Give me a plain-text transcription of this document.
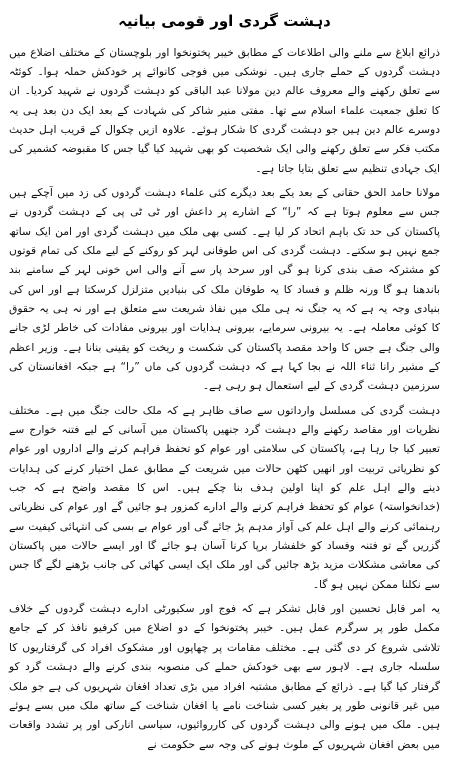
دہشت گردی اور قومی بیانیہ

ذرائع ابلاغ سے ملنے والی اطلاعات کے مطابق خیبر پختونخوا اور بلوچستان کے مختلف اضلاع میں دہشت گردوں کے حملے جاری ہیں۔ نوشکی میں فوجی کانوائے پر خودکش حملہ ہوا۔ کوئٹہ سے تعلق رکھنے والے معروف عالم دین مولانا عبد الباقی کو دہشت گردوں نے شہید کردیا۔ ان کا تعلق جمعیت علماء اسلام سے تھا۔ مفتی منیر شاکر کی شہادت کے بعد ایک دن بعد ہی یہ دوسرے عالم دین ہیں جو دہشت گردی کا شکار ہوئے۔ علاوہ ازیں چکوال کے قریب اہل حدیث مکتب فکر سے تعلق رکھنے والی ایک شخصیت کو بھی شہید کیا گیا جس کا مقبوضہ کشمیر کی ایک جہادی تنظیم سے تعلق بتایا جاتا ہے۔

مولانا حامد الحق حقانی کے بعد یکے بعد دیگرے کئی علماء دہشت گردوں کی زد میں آچکے ہیں جس سے معلوم ہوتا ہے کہ ”را“ کے اشارے پر داعش اور ٹی ٹی پی کے دہشت گردوں نے پاکستان کی حد تک باہم اتحاد کر لیا ہے۔ کسی بھی ملک میں دہشت گردی اور امن ایک ساتھ جمع نہیں ہو سکتے۔ دہشت گردی کی اس طوفانی لہر کو روکنے کے لیے ملک کی تمام قوتوں کو مشترکہ صف بندی کرنا ہو گی اور سرحد پار سے آنے والی اس خونی لہر کے سامنے بند باندھنا ہو گا ورنہ ظلم و فساد کا یہ طوفان ملک کی بنیادیں متزلزل کرسکتا ہے اور اس کی بنیادی وجہ یہ ہے کہ یہ جنگ نہ ہی ملک میں نفاذ شریعت سے متعلق ہے اور نہ ہی یہ حقوق کا کوئی معاملہ ہے۔ یہ بیرونی سرمایے، بیرونی ہدایات اور بیرونی مفادات کی خاطر لڑی جانے والی جنگ ہے جس کا واحد مقصد پاکستان کی شکست و ریخت کو یقینی بنانا ہے۔ وزیر اعظم کے مشیر رانا ثناء اللہ نے بجا کہا ہے کہ دہشت گردوں کی ماں ”را“ ہے جبکہ افغانستان کی سرزمین دہشت گردی کے لیے استعمال ہو رہی ہے۔

دہشت گردی کی مسلسل وارداتوں سے صاف ظاہر ہے کہ ملک حالت جنگ میں ہے۔ مختلف نظریات اور مقاصد رکھنے والے دہشت گرد جنھیں پاکستان میں آسانی کے لیے فتنہ خوارج سے تعبیر کیا جا رہا ہے، پاکستان کی سلامتی اور عوام کو تحفظ فراہم کرنے والے اداروں اور عوام کو نظریاتی تربیت اور انھیں کٹھن حالات میں شریعت کے مطابق عمل اختیار کرنے کی ہدایات دینے والے اہل علم کو اپنا اولین ہدف بنا چکے ہیں۔ اس کا مقصد واضح ہے کہ جب (خدانخواستہ) عوام کو تحفظ فراہم کرنے والے ادارے کمزور ہو جائیں گے اور عوام کی نظریاتی رہنمائی کرنے والے اہل علم کی آواز مدہم پڑ جائے گی اور عوام بے بسی کی انتہائی کیفیت سے گزریں گے تو فتنہ وفساد کو خلفشار برپا کرنا آسان ہو جائے گا اور ایسے حالات میں پاکستان کی معاشی مشکلات مزید بڑھ جائیں گی اور ملک ایک ایسی کھائی کی جانب بڑھنے لگے گا جس سے نکلنا ممکن نہیں ہو گا۔

یہ امر قابل تحسین اور قابل تشکر ہے کہ فوج اور سکیورٹی ادارے دہشت گردوں کے خلاف مکمل طور پر سرگرم عمل ہیں۔ خیبر پختونخوا کے دو اضلاع میں کرفیو نافذ کر کے جامع تلاشی شروع کر دی گئی ہے۔ مختلف مقامات پر چھاپوں اور مشکوک افراد کی گرفتاریوں کا سلسلہ جاری ہے۔ لاہور سے بھی خودکش حملے کی منصوبہ بندی کرنے والے دہشت گرد کو گرفتار کیا گیا ہے۔ ذرائع کے مطابق مشتبہ افراد میں بڑی تعداد افغان شہریوں کی ہے جو ملک میں غیر قانونی طور پر بغیر کسی شناخت نامے یا افغان شناخت کے ساتھ ملک میں بسے ہوئے ہیں۔ ملک میں ہونے والی دہشت گردوں کی کارروائیوں، سیاسی انارکی اور پر تشدد واقعات میں بعض افغان شہریوں کے ملوث ہونے کی وجہ سے حکومت نے
